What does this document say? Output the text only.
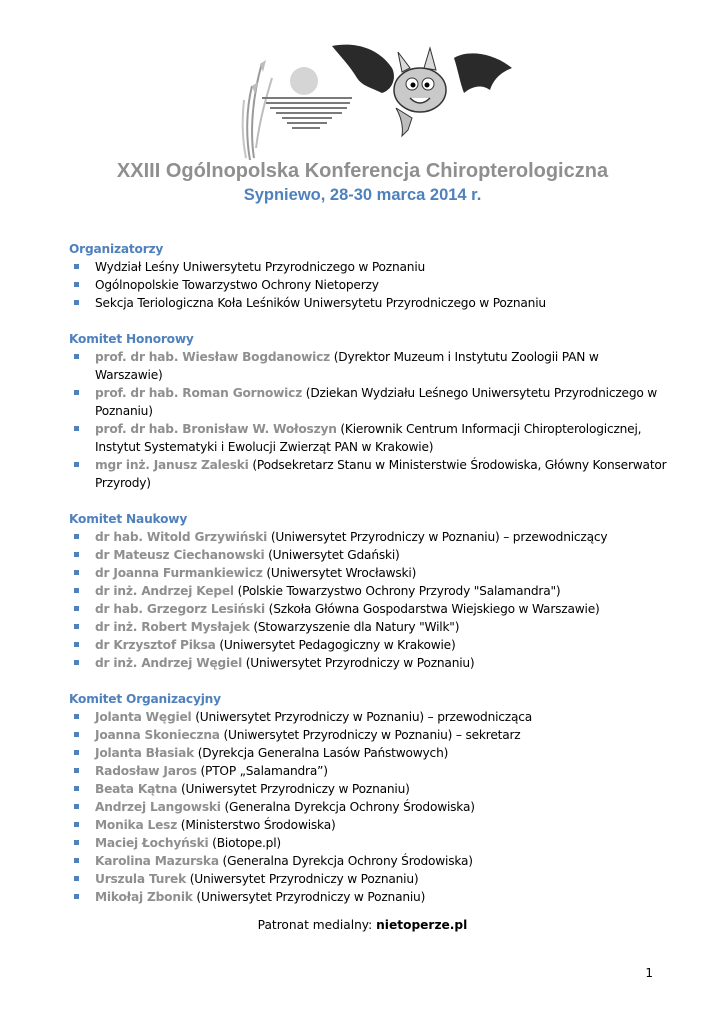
XXIII Ogólnopolska Konferencja Chiropterologiczna
Sypniewo, 28-30 marca 2014 r.
Organizatorzy
Wydział Leśny Uniwersytetu Przyrodniczego w Poznaniu
Ogólnopolskie Towarzystwo Ochrony Nietoperzy
Sekcja Teriologiczna Koła Leśników Uniwersytetu Przyrodniczego w Poznaniu
Komitet Honorowy
prof. dr hab. Wiesław Bogdanowicz (Dyrektor Muzeum i Instytutu Zoologii PAN w Warszawie)
prof. dr hab. Roman Gornowicz (Dziekan Wydziału Leśnego Uniwersytetu Przyrodniczego w Poznaniu)
prof. dr hab. Bronisław W. Wołoszyn (Kierownik Centrum Informacji Chiropterologicznej, Instytut Systematyki i Ewolucji Zwierząt PAN w Krakowie)
mgr inż. Janusz Zaleski (Podsekretarz Stanu w Ministerstwie Środowiska, Główny Konserwator Przyrody)
Komitet Naukowy
dr hab. Witold Grzywiński (Uniwersytet Przyrodniczy w Poznaniu) – przewodniczący
dr Mateusz Ciechanowski (Uniwersytet Gdański)
dr Joanna Furmankiewicz (Uniwersytet Wrocławski)
dr inż. Andrzej Kepel (Polskie Towarzystwo Ochrony Przyrody "Salamandra")
dr hab. Grzegorz Lesiński (Szkoła Główna Gospodarstwa Wiejskiego w Warszawie)
dr inż. Robert Mysłajek (Stowarzyszenie dla Natury "Wilk")
dr Krzysztof Piksa (Uniwersytet Pedagogiczny w Krakowie)
dr inż. Andrzej Węgiel (Uniwersytet Przyrodniczy w Poznaniu)
Komitet Organizacyjny
Jolanta Węgiel (Uniwersytet Przyrodniczy w Poznaniu) – przewodnicząca
Joanna Skonieczna (Uniwersytet Przyrodniczy w Poznaniu) – sekretarz
Jolanta Błasiak (Dyrekcja Generalna Lasów Państwowych)
Radosław Jaros (PTOP „Salamandra”)
Beata Kątna (Uniwersytet Przyrodniczy w Poznaniu)
Andrzej Langowski (Generalna Dyrekcja Ochrony Środowiska)
Monika Lesz (Ministerstwo Środowiska)
Maciej Łochyński (Biotope.pl)
Karolina Mazurska (Generalna Dyrekcja Ochrony Środowiska)
Urszula Turek (Uniwersytet Przyrodniczy w Poznaniu)
Mikołaj Zbonik (Uniwersytet Przyrodniczy w Poznaniu)
Patronat medialny: nietoperze.pl
1
